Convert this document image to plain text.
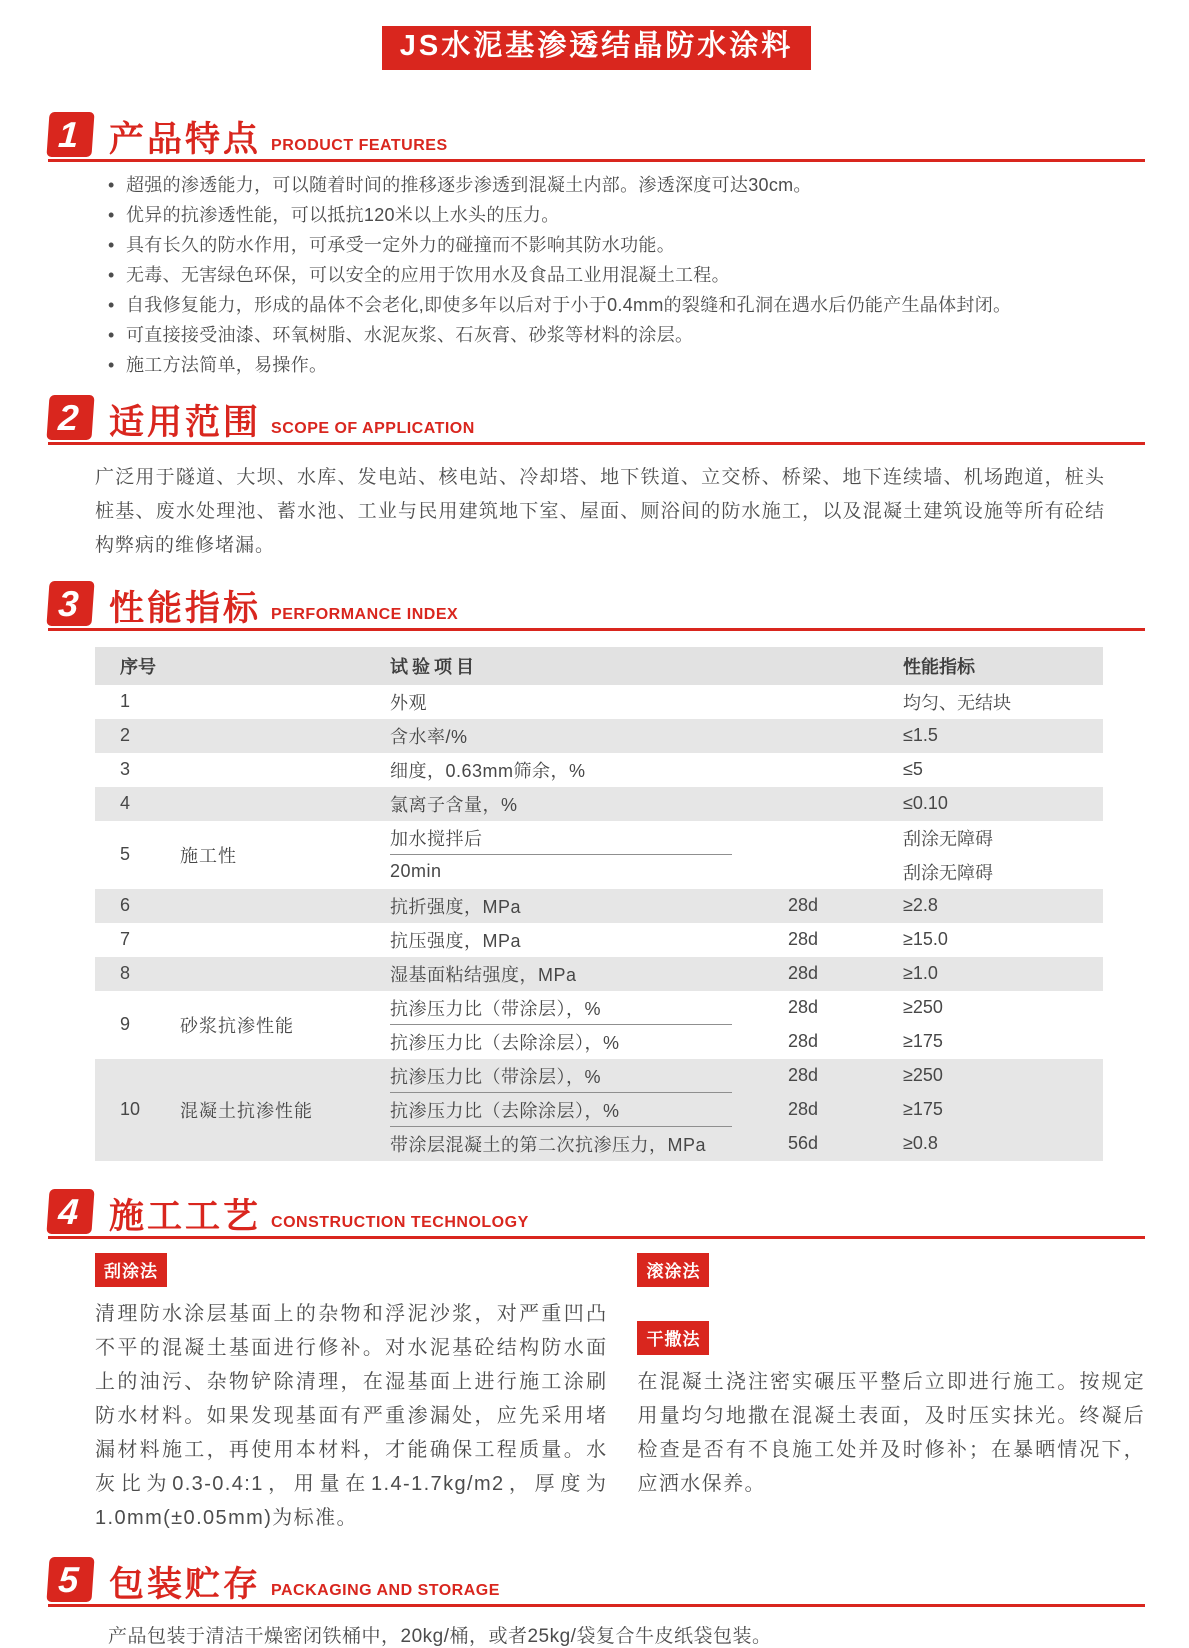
JS水泥基渗透结晶防水涂料
1 产品特点 PRODUCT FEATURES
• 超强的渗透能力，可以随着时间的推移逐步渗透到混凝土内部。渗透深度可达30cm。
• 优异的抗渗透性能，可以抵抗120米以上水头的压力。
• 具有长久的防水作用，可承受一定外力的碰撞而不影响其防水功能。
• 无毒、无害绿色环保，可以安全的应用于饮用水及食品工业用混凝土工程。
• 自我修复能力，形成的晶体不会老化,即使多年以后对于小于0.4mm的裂缝和孔洞在遇水后仍能产生晶体封闭。
• 可直接接受油漆、环氧树脂、水泥灰浆、石灰膏、砂浆等材料的涂层。
• 施工方法简单，易操作。
2 适用范围 SCOPE OF APPLICATION

广泛用于隧道、大坝、水库、发电站、核电站、冷却塔、地下铁道、立交桥、桥梁、地下连续墙、机场跑道，桩头桩基、废水处理池、蓄水池、工业与民用建筑地下室、屋面、厕浴间的防水施工，以及混凝土建筑设施等所有砼结构弊病的维修堵漏。

3 性能指标 PERFORMANCE INDEX
序号	试验项目	性能指标
1	外观	均匀、无结块
2	含水率/%	≤1.5
3	细度，0.63mm筛余，%	≤5
4	氯离子含量，%	≤0.10
5	施工性
加水搅拌后	刮涂无障碍
20min	刮涂无障碍
6	抗折强度，MPa	28d	≥2.8
7	抗压强度，MPa	28d	≥15.0
8	湿基面粘结强度，MPa	28d	≥1.0
9	砂浆抗渗性能
抗渗压力比（带涂层），%	28d	≥250
抗渗压力比（去除涂层），%	28d	≥175
10	混凝土抗渗性能
抗渗压力比（带涂层），%	28d	≥250
抗渗压力比（去除涂层），%	28d	≥175
带涂层混凝土的第二次抗渗压力，MPa	56d	≥0.8
4 施工工艺 CONSTRUCTION TECHNOLOGY
刮涂法

清理防水涂层基面上的杂物和浮泥沙浆，对严重凹凸不平的混凝土基面进行修补。对水泥基砼结构防水面上的油污、杂物铲除清理，在湿基面上进行施工涂刷防水材料。如果发现基面有严重渗漏处，应先采用堵漏材料施工，再使用本材料，才能确保工程质量。水灰比为0.3-0.4:1，用量在1.4-1.7kg/m2，厚度为1.0mm(±0.05mm)为标准。

滚涂法
干撒法

在混凝土浇注密实碾压平整后立即进行施工。按规定用量均匀地撒在混凝土表面，及时压实抹光。终凝后检查是否有不良施工处并及时修补；在暴晒情况下，应洒水保养。

5 包装贮存 PACKAGING AND STORAGE

产品包装于清洁干燥密闭铁桶中，20kg/桶，或者25kg/袋复合牛皮纸袋包装。
